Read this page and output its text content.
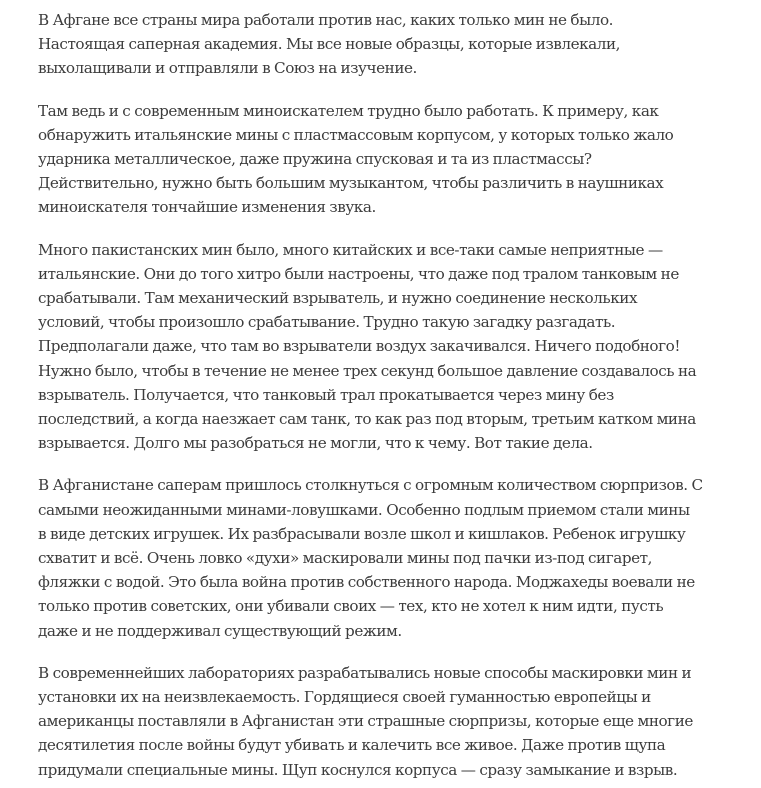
В Афгане все страны мира работали против нас, каких только мин не было.
Настоящая саперная академия. Мы все новые образцы, которые извлекали,
выхолащивали и отправляли в Союз на изучение.

Там ведь и с современным миноискателем трудно было работать. К примеру, как
обнаружить итальянские мины с пластмассовым корпусом, у которых только жало
ударника металлическое, даже пружина спусковая и та из пластмассы?
Действительно, нужно быть большим музыкантом, чтобы различить в наушниках
миноискателя тончайшие изменения звука.

Много пакистанских мин было, много китайских и все-таки самые неприятные —
итальянские. Они до того хитро были настроены, что даже под тралом танковым не
срабатывали. Там механический взрыватель, и нужно соединение нескольких
условий, чтобы произошло срабатывание. Трудно такую загадку разгадать.
Предполагали даже, что там во взрыватели воздух закачивался. Ничего подобного!
Нужно было, чтобы в течение не менее трех секунд большое давление создавалось на
взрыватель. Получается, что танковый трал прокатывается через мину без
последствий, а когда наезжает сам танк, то как раз под вторым, третьим катком мина
взрывается. Долго мы разобраться не могли, что к чему. Вот такие дела.

В Афганистане саперам пришлось столкнуться с огромным количеством сюрпризов. С
самыми неожиданными минами-ловушками. Особенно подлым приемом стали мины
в виде детских игрушек. Их разбрасывали возле школ и кишлаков. Ребенок игрушку
схватит и всё. Очень ловко «духи» маскировали мины под пачки из-под сигарет,
фляжки с водой. Это была война против собственного народа. Моджахеды воевали не
только против советских, они убивали своих — тех, кто не хотел к ним идти, пусть
даже и не поддерживал существующий режим.

В современнейших лабораториях разрабатывались новые способы маскировки мин и
установки их на неизвлекаемость. Гордящиеся своей гуманностью европейцы и
американцы поставляли в Афганистан эти страшные сюрпризы, которые еще многие
десятилетия после войны будут убивать и калечить все живое. Даже против щупа
придумали специальные мины. Щуп коснулся корпуса — сразу замыкание и взрыв.
